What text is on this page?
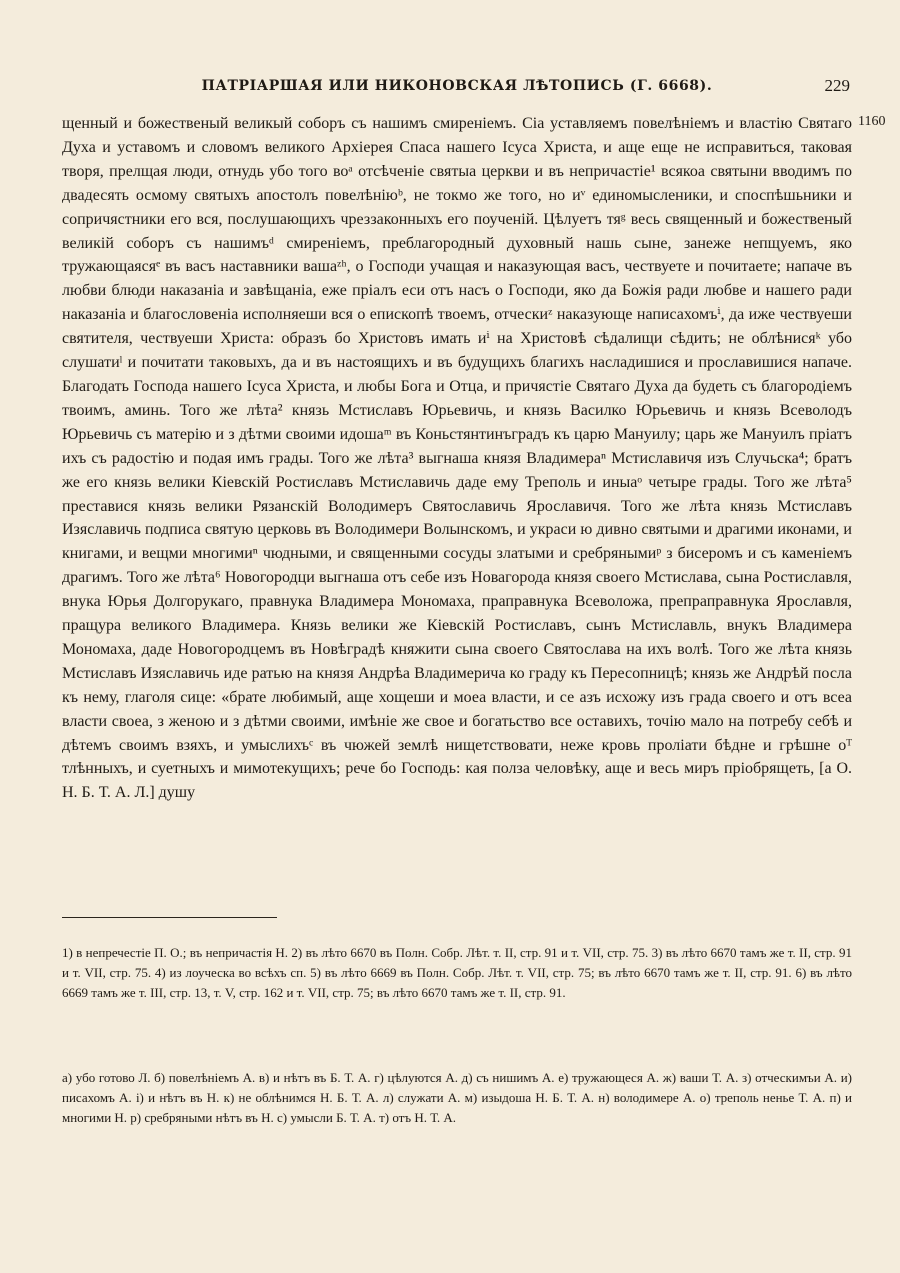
ПАТРІАРШАЯ ИЛИ НИКОНОВСКАЯ ЛѢТОПИСЬ (Г. 6668).	229
1160
щенный и божественый великый соборъ съ нашимъ смиреніемъ. Сіа уставляемъ повелѣніемъ и властію Святаго Духа и уставомъ и словомъ великого Архіерея Спаса нашего Ісуса Христа, и аще еще не исправиться, таковая творя, прелщая люди, отнудь убо того воᵃ отсѣченіе святыа церкви и въ непричастіе¹ всякоа святыни вводимъ по двадесять осмому святыхъ апостолъ повелѣніюᵇ, не токмо же того, но иᵛ единомысленики, и споспѣшьники и сопричястники его вся, послушающихъ чреззаконныхъ его поученій. Цѣлуетъ тяᵍ весь священный и божественый великій соборъ съ нашимъᵈ смиреніемъ, преблагородный духовный нашь сыне, занеже непщуемъ, яко тружающаясяᵉ въ васъ наставники вашаᶻʰ, о Господи учащая и наказующая васъ, чествуете и почитаете; напаче въ любви блюди наказаніа и завѣщаніа, еже пріалъ еси отъ насъ о Господи, яко да Божія ради любве и нашего ради наказаніа и благословеніа исполняеши вся о епископѣ твоемъ, отческиᶻ наказующе написахомъⁱ, да иже чествуеши святителя, чествуеши Христа: образъ бо Христовъ имать иⁱ на Христовѣ сѣдалищи сѣдить; не облѣнисяᵏ убо слушатиˡ и почитати таковыхъ, да и въ настоящихъ и въ будущихъ благихъ насладишися и прославишися напаче. Благодать Господа нашего Ісуса Христа, и любы Бога и Отца, и причястіе Святаго Духа да будеть съ благородіемъ твоимъ, аминь. Того же лѣта² князь Мстиславъ Юрьевичь, и князь Василко Юрьевичь и князь Всеволодъ Юрьевичь съ матерію и з дѣтми своими идошаᵐ въ Коньстянтинъградъ къ царю Мануилу; царь же Мануилъ пріатъ ихъ съ радостію и подая имъ грады. Того же лѣта³ выгнаша князя Владимераⁿ Мстиславичя изъ Случьска⁴; братъ же его князь велики Кіевскій Ростиславъ Мстиславичь даде ему Треполь и иныаᵒ четыре грады. Того же лѣта⁵ преставися князь велики Рязанскій Володимеръ Святославичь Ярославичя. Того же лѣта князь Мстиславъ Изяславичь подписа святую церковь въ Володимери Волынскомъ, и украси ю дивно святыми и драгими иконами, и книгами, и вещми многимиⁿ чюдными, и священными сосуды златыми и сребрянымиᵖ з бисеромъ и съ каменіемъ драгимъ. Того же лѣта⁶ Новогородци выгнаша отъ себе изъ Новагорода князя своего Мстислава, сына Ростиславля, внука Юрья Долгорукаго, правнука Владимера Мономаха, праправнука Всеволожа, препраправнука Ярославля, пращура великого Владимера. Князь велики же Кіевскій Ростиславъ, сынъ Мстиславль, внукъ Владимера Мономаха, даде Новогородцемъ въ Новѣградѣ княжити сына своего Святослава на ихъ волѣ. Того же лѣта князь Мстиславъ Изяславичь иде ратью на князя Андрѣа Владимерича ко граду къ Пересопницѣ; князь же Андрѣй посла къ нему, глаголя сице: «брате любимый, аще хощеши и моеа власти, и се азъ исхожу изъ града своего и отъ всеа власти своеа, з женою и з дѣтми своими, имѣніе же свое и богатьство все оставихъ, точію мало на потребу себѣ и дѣтемъ своимъ взяхъ, и умыслихъᶜ въ чюжей землѣ нищетствовати, неже кровь проліати бѣдне и грѣшне оᵀ тлѣнныхъ, и суетныхъ и мимотекущихъ; рече бо Господь: кая полза человѣку, аще и весь миръ пріобрящеть, [а О. Н. Б. Т. А. Л.] душу
1) в непречестіе П. О.; въ непричастія Н. 2) въ лѣто 6670 въ Полн. Собр. Лѣт. т. II, стр. 91 и т. VII, стр. 75. 3) въ лѣто 6670 тамъ же т. II, стр. 91 и т. VII, стр. 75. 4) из лоуческа во всѣхъ сп. 5) въ лѣто 6669 въ Полн. Собр. Лѣт. т. VII, стр. 75; въ лѣто 6670 тамъ же т. II, стр. 91. 6) въ лѣто 6669 тамъ же т. III, стр. 13, т. V, стр. 162 и т. VII, стр. 75; въ лѣто 6670 тамъ же т. II, стр. 91.
а) убо готово Л. б) повелѣніемъ А. в) и нѣтъ въ Б. Т. А. г) цѣлуются А. д) съ нишимъ А. е) тружающеся А. ж) ваши Т. А. з) отческимъи А. и) писахомъ А. і) и нѣтъ въ Н. к) не облѣнимся Н. Б. Т. А. л) служати А. м) изыдоша Н. Б. Т. А. н) володимере А. о) треполь ненье Т. А. п) и многими Н. р) сребряными нѣтъ въ Н. с) умысли Б. Т. А. т) отъ Н. Т. А.
